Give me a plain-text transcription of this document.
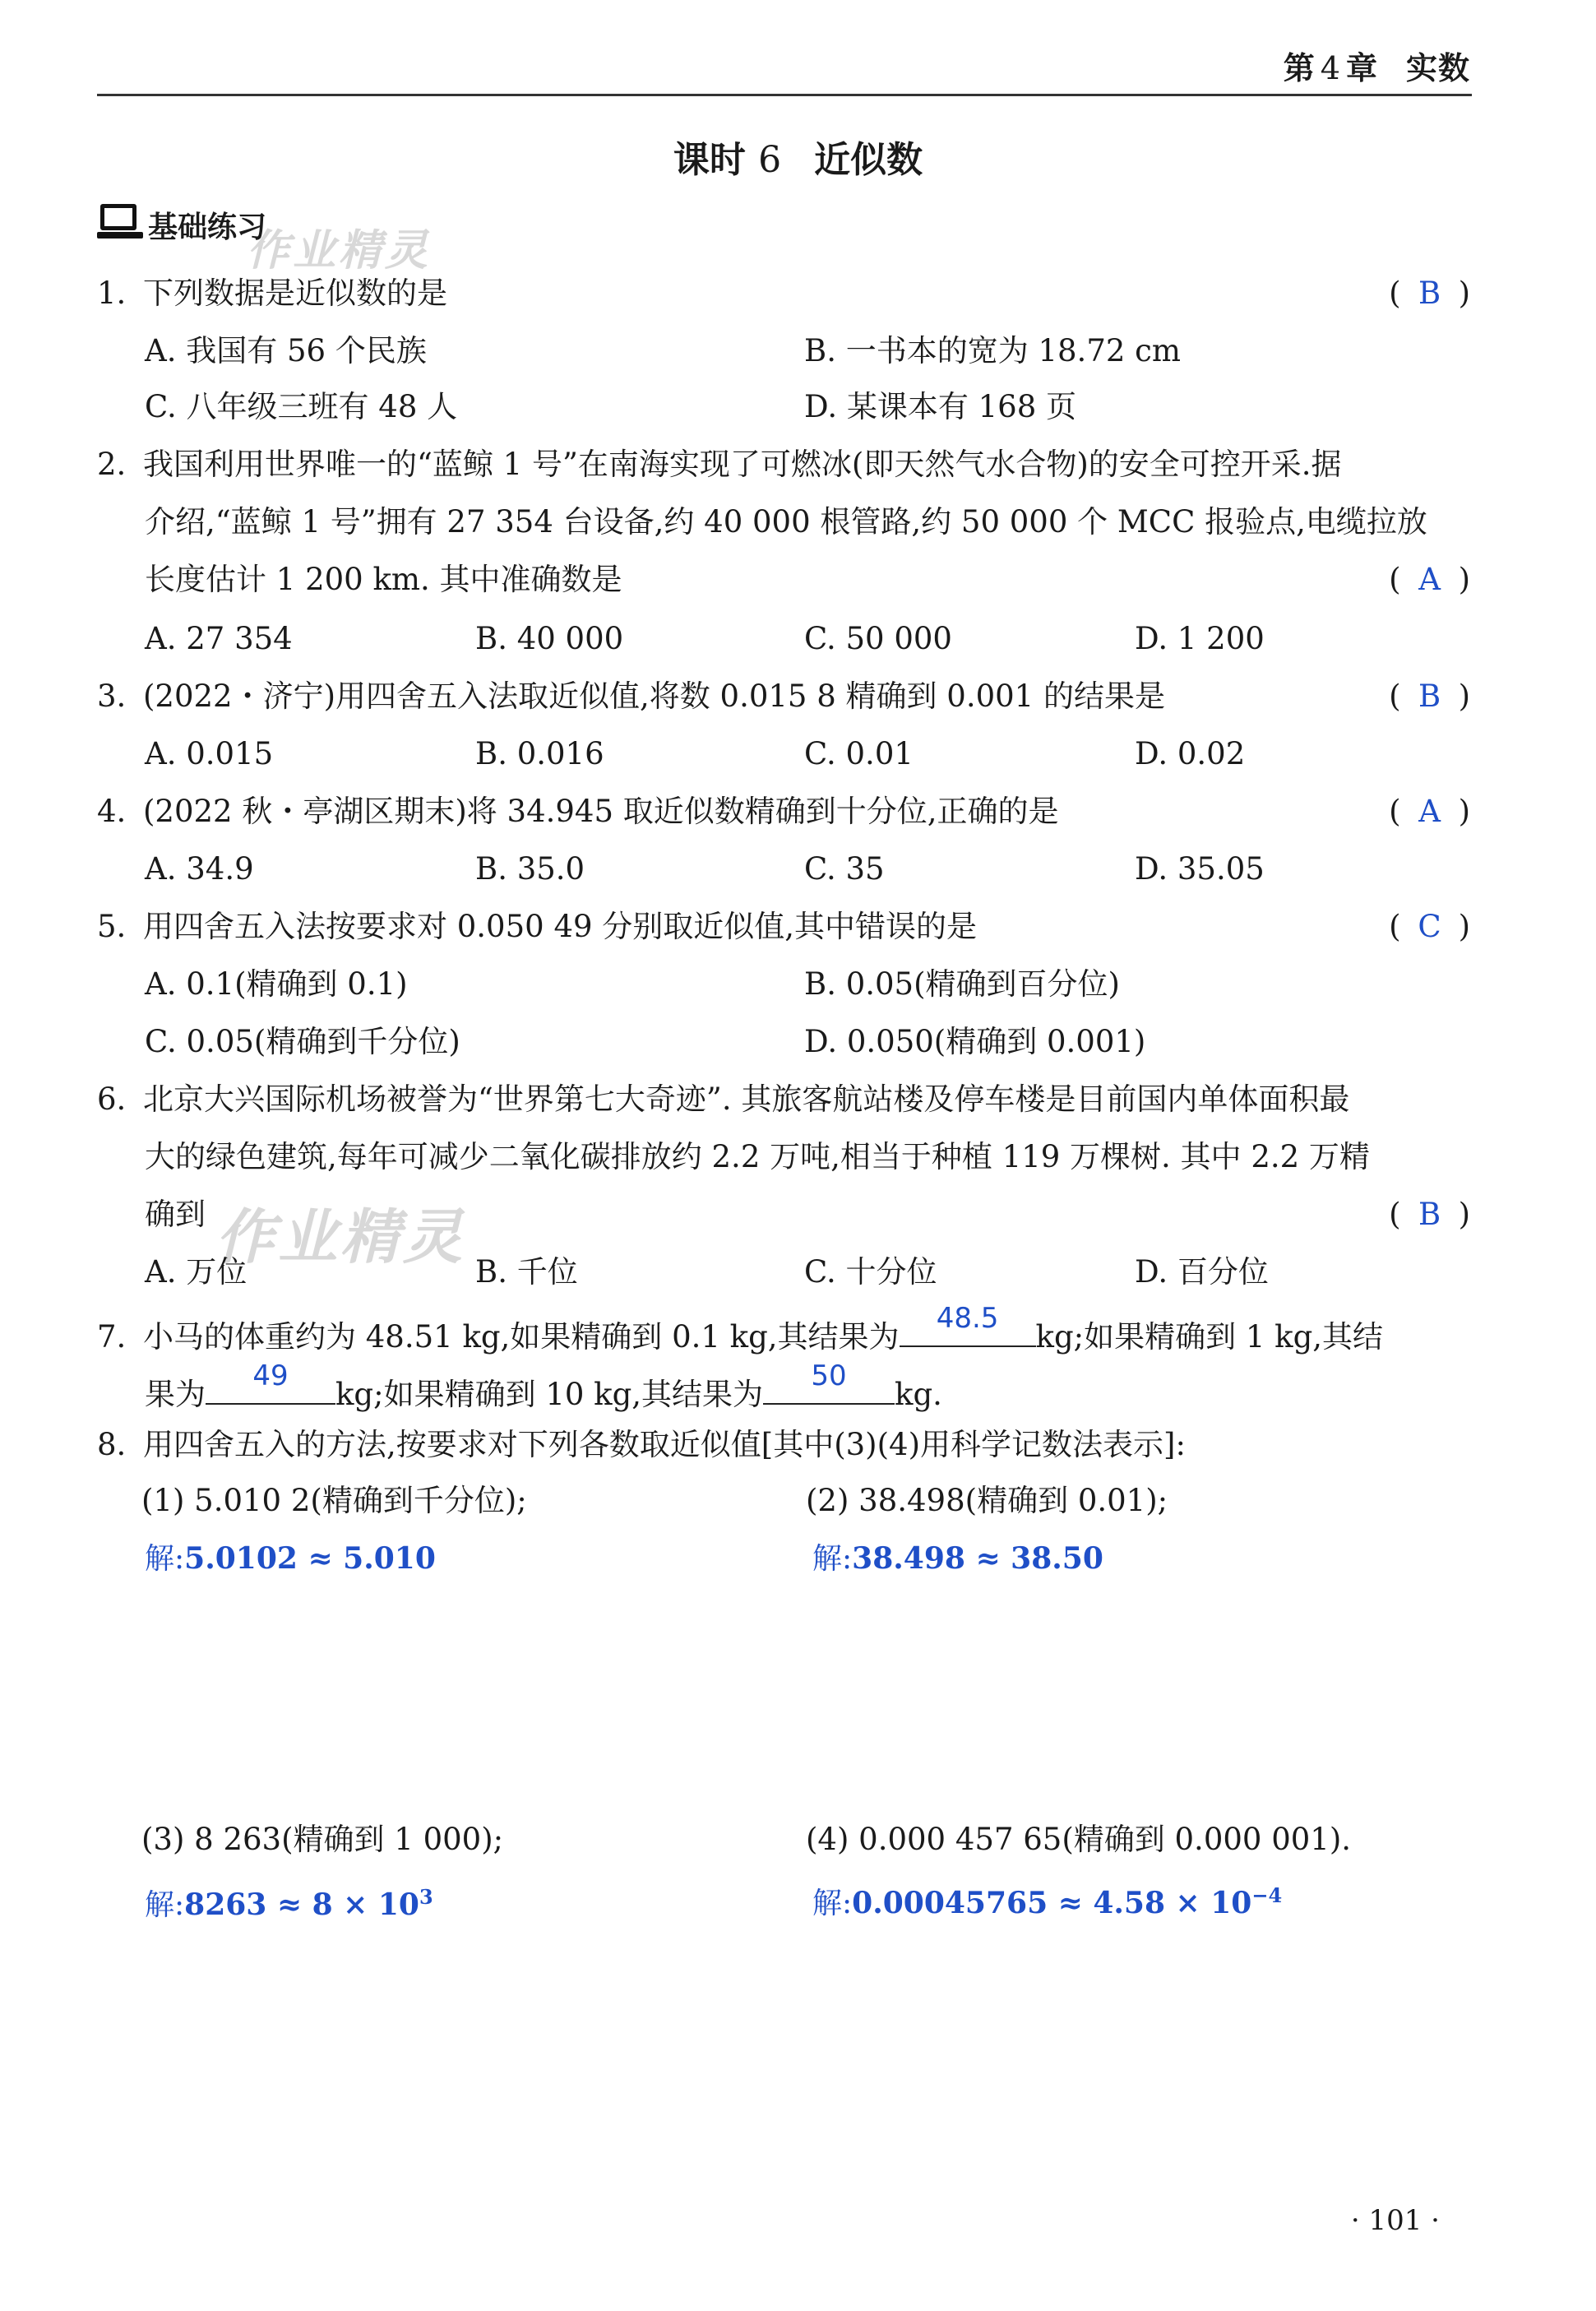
第 4 章 实数
课时 6 近似数
基础练习
作业精灵
1. 下列数据是近似数的是	( B )
A. 我国有 56 个民族	B. 一书本的宽为 18.72 cm
C. 八年级三班有 48 人	D. 某课本有 168 页
2. 我国利用世界唯一的“蓝鲸 1 号”在南海实现了可燃冰(即天然气水合物)的安全可控开采.据
介绍,“蓝鲸 1 号”拥有 27 354 台设备,约 40 000 根管路,约 50 000 个 MCC 报验点,电缆拉放
长度估计 1 200 km. 其中准确数是	( A )
A. 27 354	B. 40 000	C. 50 000	D. 1 200
3. (2022・济宁)用四舍五入法取近似值,将数 0.015 8 精确到 0.001 的结果是	( B )
A. 0.015	B. 0.016	C. 0.01	D. 0.02
4. (2022 秋・亭湖区期末)将 34.945 取近似数精确到十分位,正确的是	( A )
A. 34.9	B. 35.0	C. 35	D. 35.05
5. 用四舍五入法按要求对 0.050 49 分别取近似值,其中错误的是	( C )
A. 0.1(精确到 0.1)	B. 0.05(精确到百分位)
C. 0.05(精确到千分位)	D. 0.050(精确到 0.001)
6. 北京大兴国际机场被誉为“世界第七大奇迹”. 其旅客航站楼及停车楼是目前国内单体面积最
大的绿色建筑,每年可减少二氧化碳排放约 2.2 万吨,相当于种植 119 万棵树. 其中 2.2 万精
确到 作业精灵	( B )
A. 万位	B. 千位	C. 十分位	D. 百分位
7. 小马的体重约为 48.51 kg,如果精确到 0.1 kg,其结果为
48.5
kg;如果精确到 1 kg,其结
果为
49
kg;如果精确到 10 kg,其结果为
50
kg.
8. 用四舍五入的方法,按要求对下列各数取近似值[其中(3)(4)用科学记数法表示]:
(1) 5.010 2(精确到千分位);	(2) 38.498(精确到 0.01);
解:5.0102 ≈ 5.010	解:38.498 ≈ 38.50
(3) 8 263(精确到 1 000);	(4) 0.000 457 65(精确到 0.000 001).
解:8263 ≈ $8 \times 10^3$	解:0.00045765 ≈ $4.58 \times 10^{-4}$
· 101 ·
